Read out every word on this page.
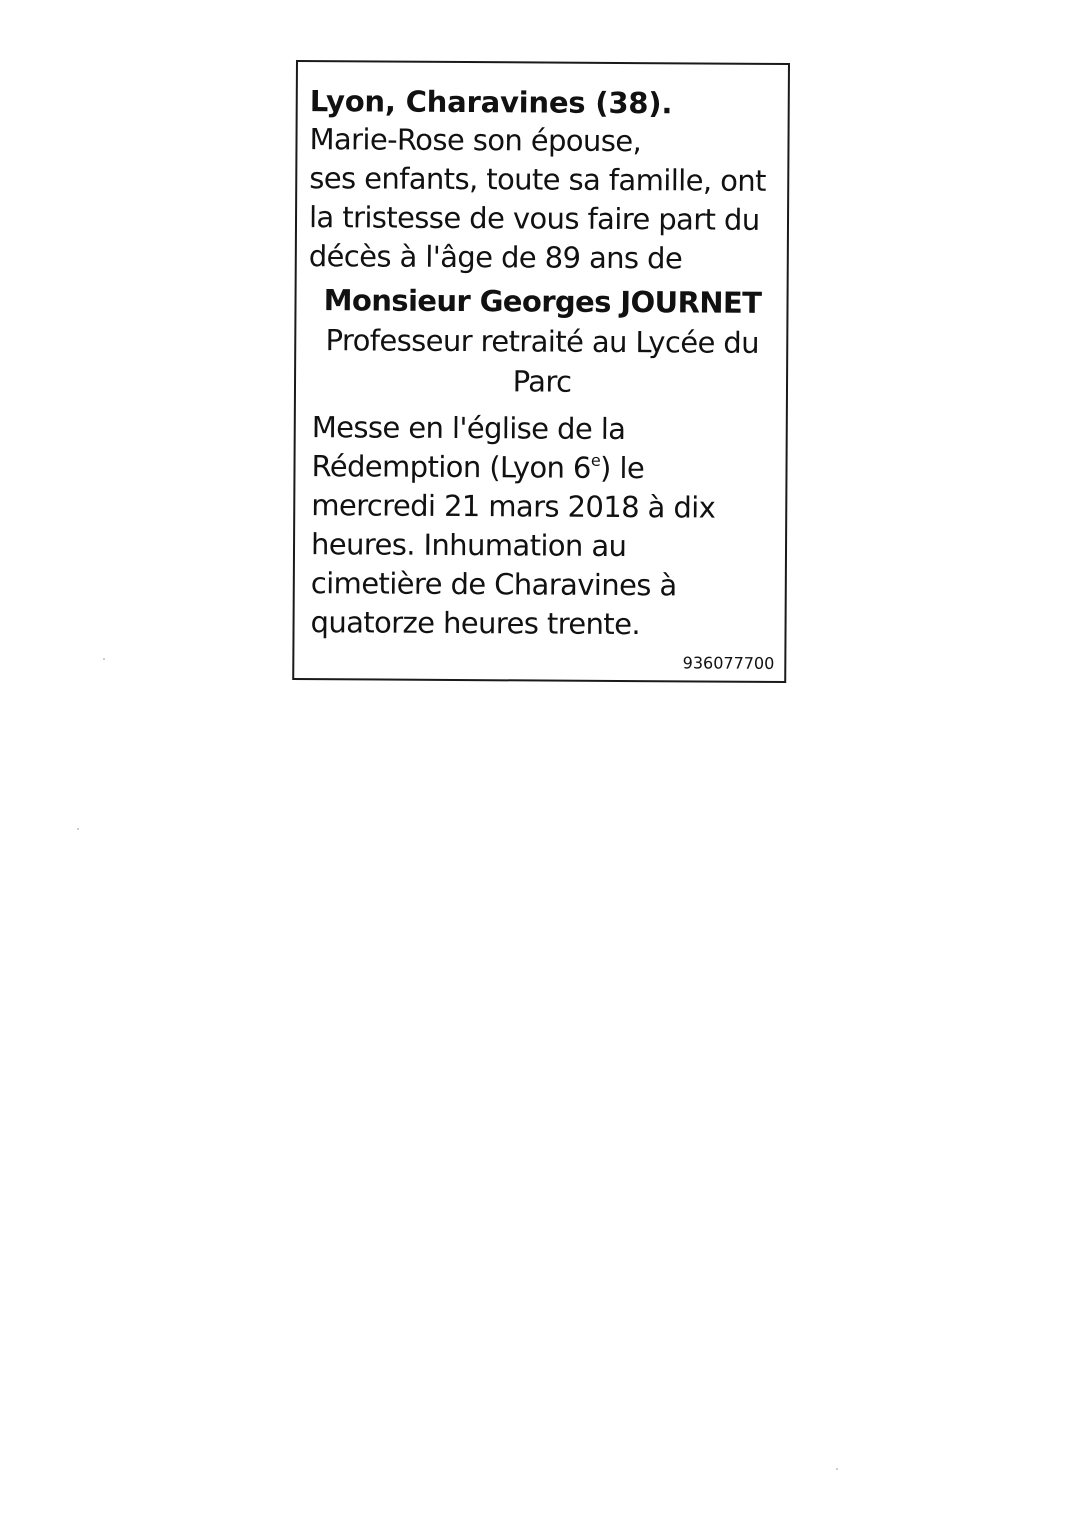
Lyon, Charavines (38).
Marie-Rose son épouse,
ses enfants, toute sa famille, ont
la tristesse de vous faire part du
décès à l'âge de 89 ans de
Monsieur Georges JOURNET
Professeur retraité au Lycée du
Parc
Messe en l'église de la
Rédemption (Lyon 6e) le
mercredi 21 mars 2018 à dix
heures. Inhumation au
cimetière de Charavines à
quatorze heures trente.
936077700
